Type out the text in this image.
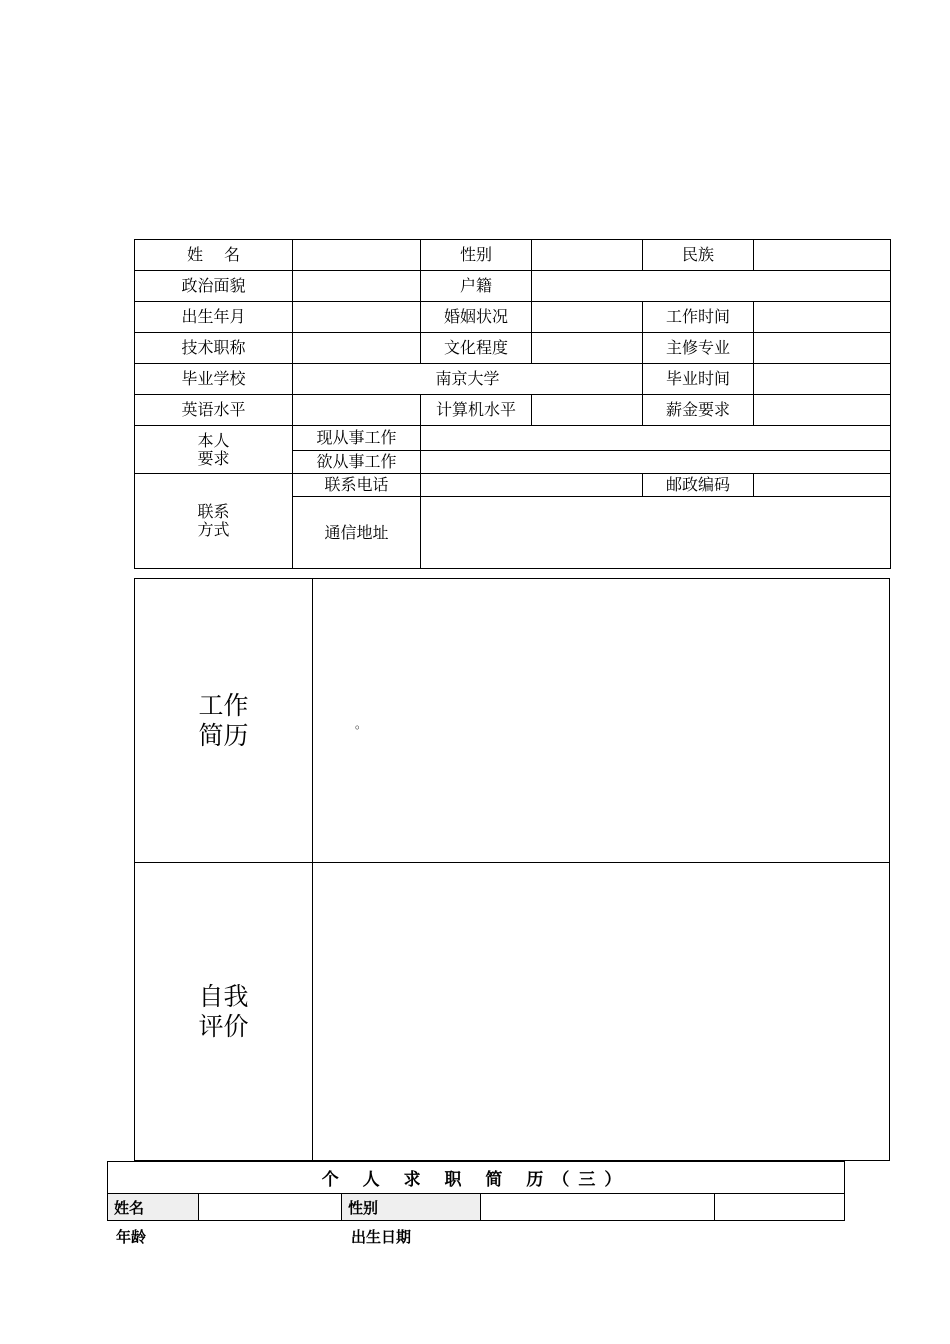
姓　 名		性别		民族	
政治面貌		户籍			
出生年月		婚姻状况		工作时间	
技术职称		文化程度		主修专业	
毕业学校	南京大学			毕业时间	
英语水平		计算机水平		薪金要求	

本人
要求	现从事工作				
	欲从事工作				

联系
方式	联系电话			邮政编码	
	通信地址				
工作
简历	。
自我
评价
个 人 求 职 简 历（三）
姓名		性别		
年龄	出生日期
